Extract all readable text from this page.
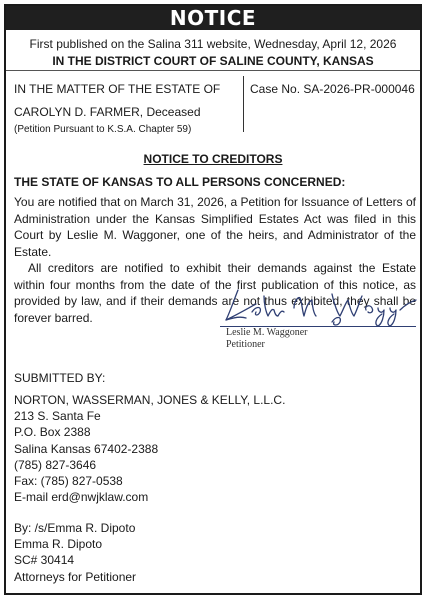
NOTICE
First published on the Salina 311 website, Wednesday, April 12, 2026
IN THE DISTRICT COURT OF SALINE COUNTY, KANSAS
IN THE MATTER OF THE ESTATE OF
CAROLYN D. FARMER, Deceased
(Petition Pursuant to K.S.A. Chapter 59)
Case No. SA-2026-PR-000046
NOTICE TO CREDITORS
THE STATE OF KANSAS TO ALL PERSONS CONCERNED:

You are notified that on March 31, 2026, a Petition for Issuance of Letters of Administration under the Kansas Simplified Estates Act was filed in this Court by Leslie M. Waggoner, one of the heirs, and Administrator of the Estate.

All creditors are notified to exhibit their demands against the Estate within four months from the date of the first publication of this notice, as provided by law, and if their demands are not thus exhibited, they shall be forever barred.

Leslie M. Waggoner
Petitioner
SUBMITTED BY:
NORTON, WASSERMAN, JONES & KELLY, L.L.C.
213 S. Santa Fe
P.O. Box 2388
Salina Kansas 67402-2388
(785) 827-3646
Fax: (785) 827-0538
E-mail erd@nwjklaw.com
By: /s/Emma R. Dipoto
Emma R. Dipoto
SC# 30414
Attorneys for Petitioner
